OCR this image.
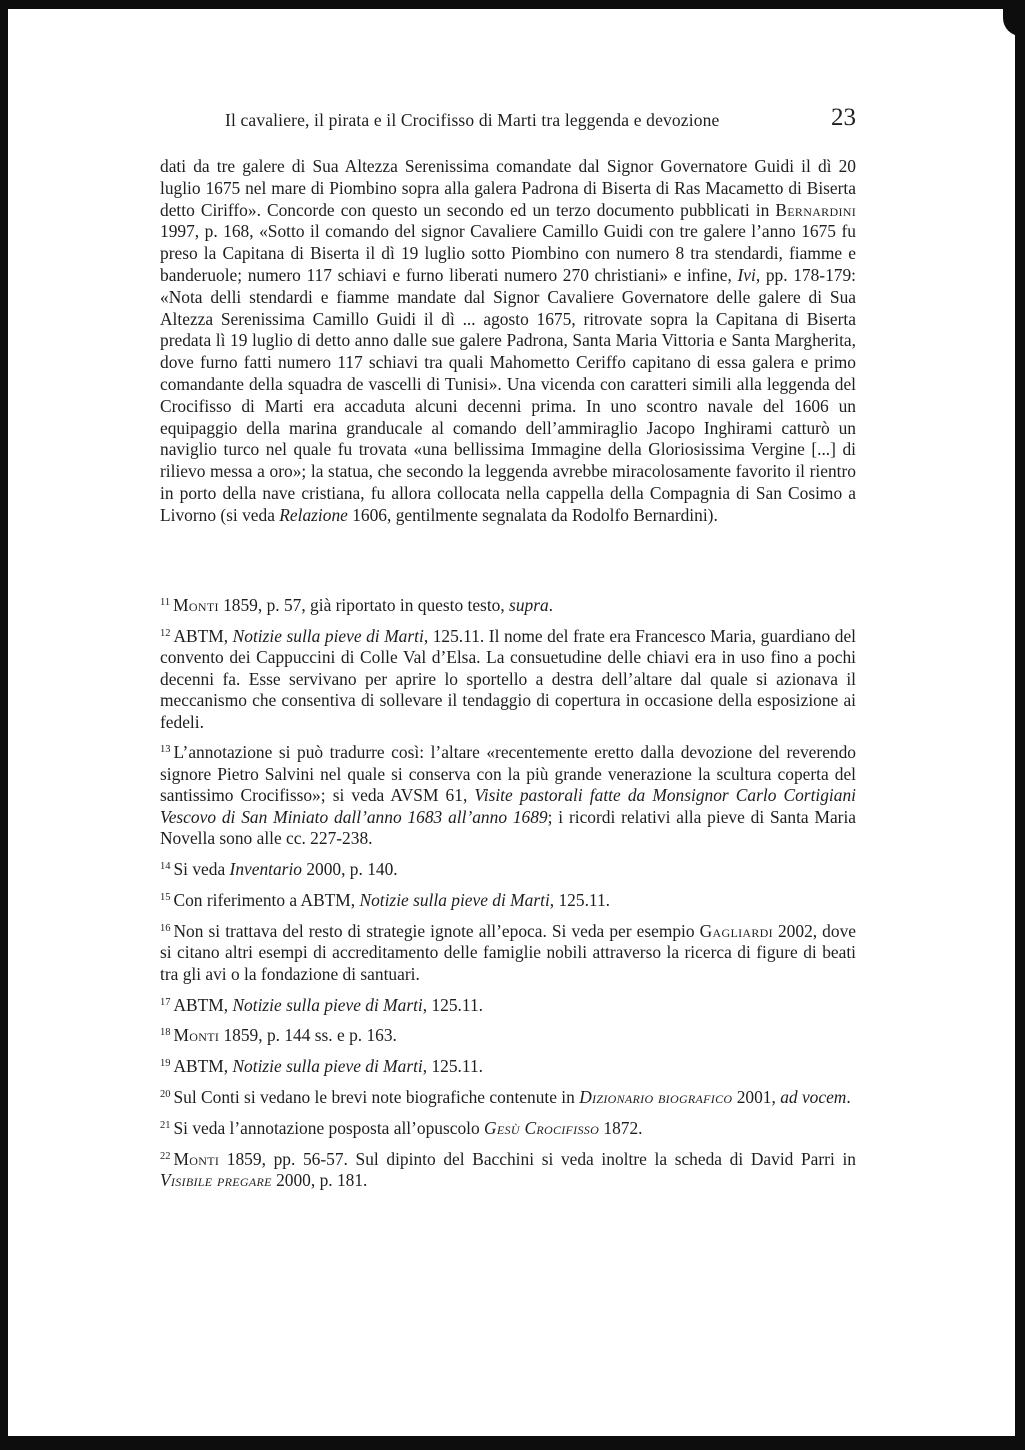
Il cavaliere, il pirata e il Crocifisso di Marti tra leggenda e devozione	23
dati da tre galere di Sua Altezza Serenissima comandate dal Signor Governatore Guidi il dì 20 luglio 1675 nel mare di Piombino sopra alla galera Padrona di Biserta di Ras Macametto di Biserta detto Ciriffo». Concorde con questo un secondo ed un terzo documento pubblicati in Bernardini 1997, p. 168, «Sotto il comando del signor Cavaliere Camillo Guidi con tre galere l’anno 1675 fu preso la Capitana di Biserta il dì 19 luglio sotto Piombino con numero 8 tra stendardi, fiamme e banderuole; numero 117 schiavi e furno liberati numero 270 christiani» e infine, Ivi, pp. 178-179: «Nota delli stendardi e fiamme mandate dal Signor Cavaliere Governatore delle galere di Sua Altezza Serenissima Camillo Guidi il dì ... agosto 1675, ritrovate sopra la Capitana di Biserta predata lì 19 luglio di detto anno dalle sue galere Padrona, Santa Maria Vittoria e Santa Margherita, dove furno fatti numero 117 schiavi tra quali Mahometto Ceriffo capitano di essa galera e primo comandante della squadra de vascelli di Tunisi». Una vicenda con caratteri simili alla leggenda del Crocifisso di Marti era accaduta alcuni decenni prima. In uno scontro navale del 1606 un equipaggio della marina granducale al comando dell’ammiraglio Jacopo Inghirami catturò un naviglio turco nel quale fu trovata «una bellissima Immagine della Gloriosissima Vergine [...] di rilievo messa a oro»; la statua, che secondo la leggenda avrebbe miracolosamente favorito il rientro in porto della nave cristiana, fu allora collocata nella cappella della Compagnia di San Cosimo a Livorno (si veda Relazione 1606, gentilmente segnalata da Rodolfo Bernardini).

$^{11}$ Monti 1859, p. 57, già riportato in questo testo, supra.

$^{12}$ ABTM, Notizie sulla pieve di Marti, 125.11. Il nome del frate era Francesco Maria, guardiano del convento dei Cappuccini di Colle Val d’Elsa. La consuetudine delle chiavi era in uso fino a pochi decenni fa. Esse servivano per aprire lo sportello a destra dell’altare dal quale si azionava il meccanismo che consentiva di sollevare il tendaggio di copertura in occasione della esposizione ai fedeli.

$^{13}$ L’annotazione si può tradurre così: l’altare «recentemente eretto dalla devozione del reverendo signore Pietro Salvini nel quale si conserva con la più grande venerazione la scultura coperta del santissimo Crocifisso»; si veda AVSM 61, Visite pastorali fatte da Monsignor Carlo Cortigiani Vescovo di San Miniato dall’anno 1683 all’anno 1689; i ricordi relativi alla pieve di Santa Maria Novella sono alle cc. 227-238.

$^{14}$ Si veda Inventario 2000, p. 140.

$^{15}$ Con riferimento a ABTM, Notizie sulla pieve di Marti, 125.11.

$^{16}$ Non si trattava del resto di strategie ignote all’epoca. Si veda per esempio Gagliardi 2002, dove si citano altri esempi di accreditamento delle famiglie nobili attraverso la ricerca di figure di beati tra gli avi o la fondazione di santuari.

$^{17}$ ABTM, Notizie sulla pieve di Marti, 125.11.

$^{18}$ Monti 1859, p. 144 ss. e p. 163.

$^{19}$ ABTM, Notizie sulla pieve di Marti, 125.11.

$^{20}$ Sul Conti si vedano le brevi note biografiche contenute in Dizionario biografico 2001, ad vocem.

$^{21}$ Si veda l’annotazione posposta all’opuscolo Gesù Crocifisso 1872.

$^{22}$ Monti 1859, pp. 56-57. Sul dipinto del Bacchini si veda inoltre la scheda di David Parri in Visibile pregare 2000, p. 181.
